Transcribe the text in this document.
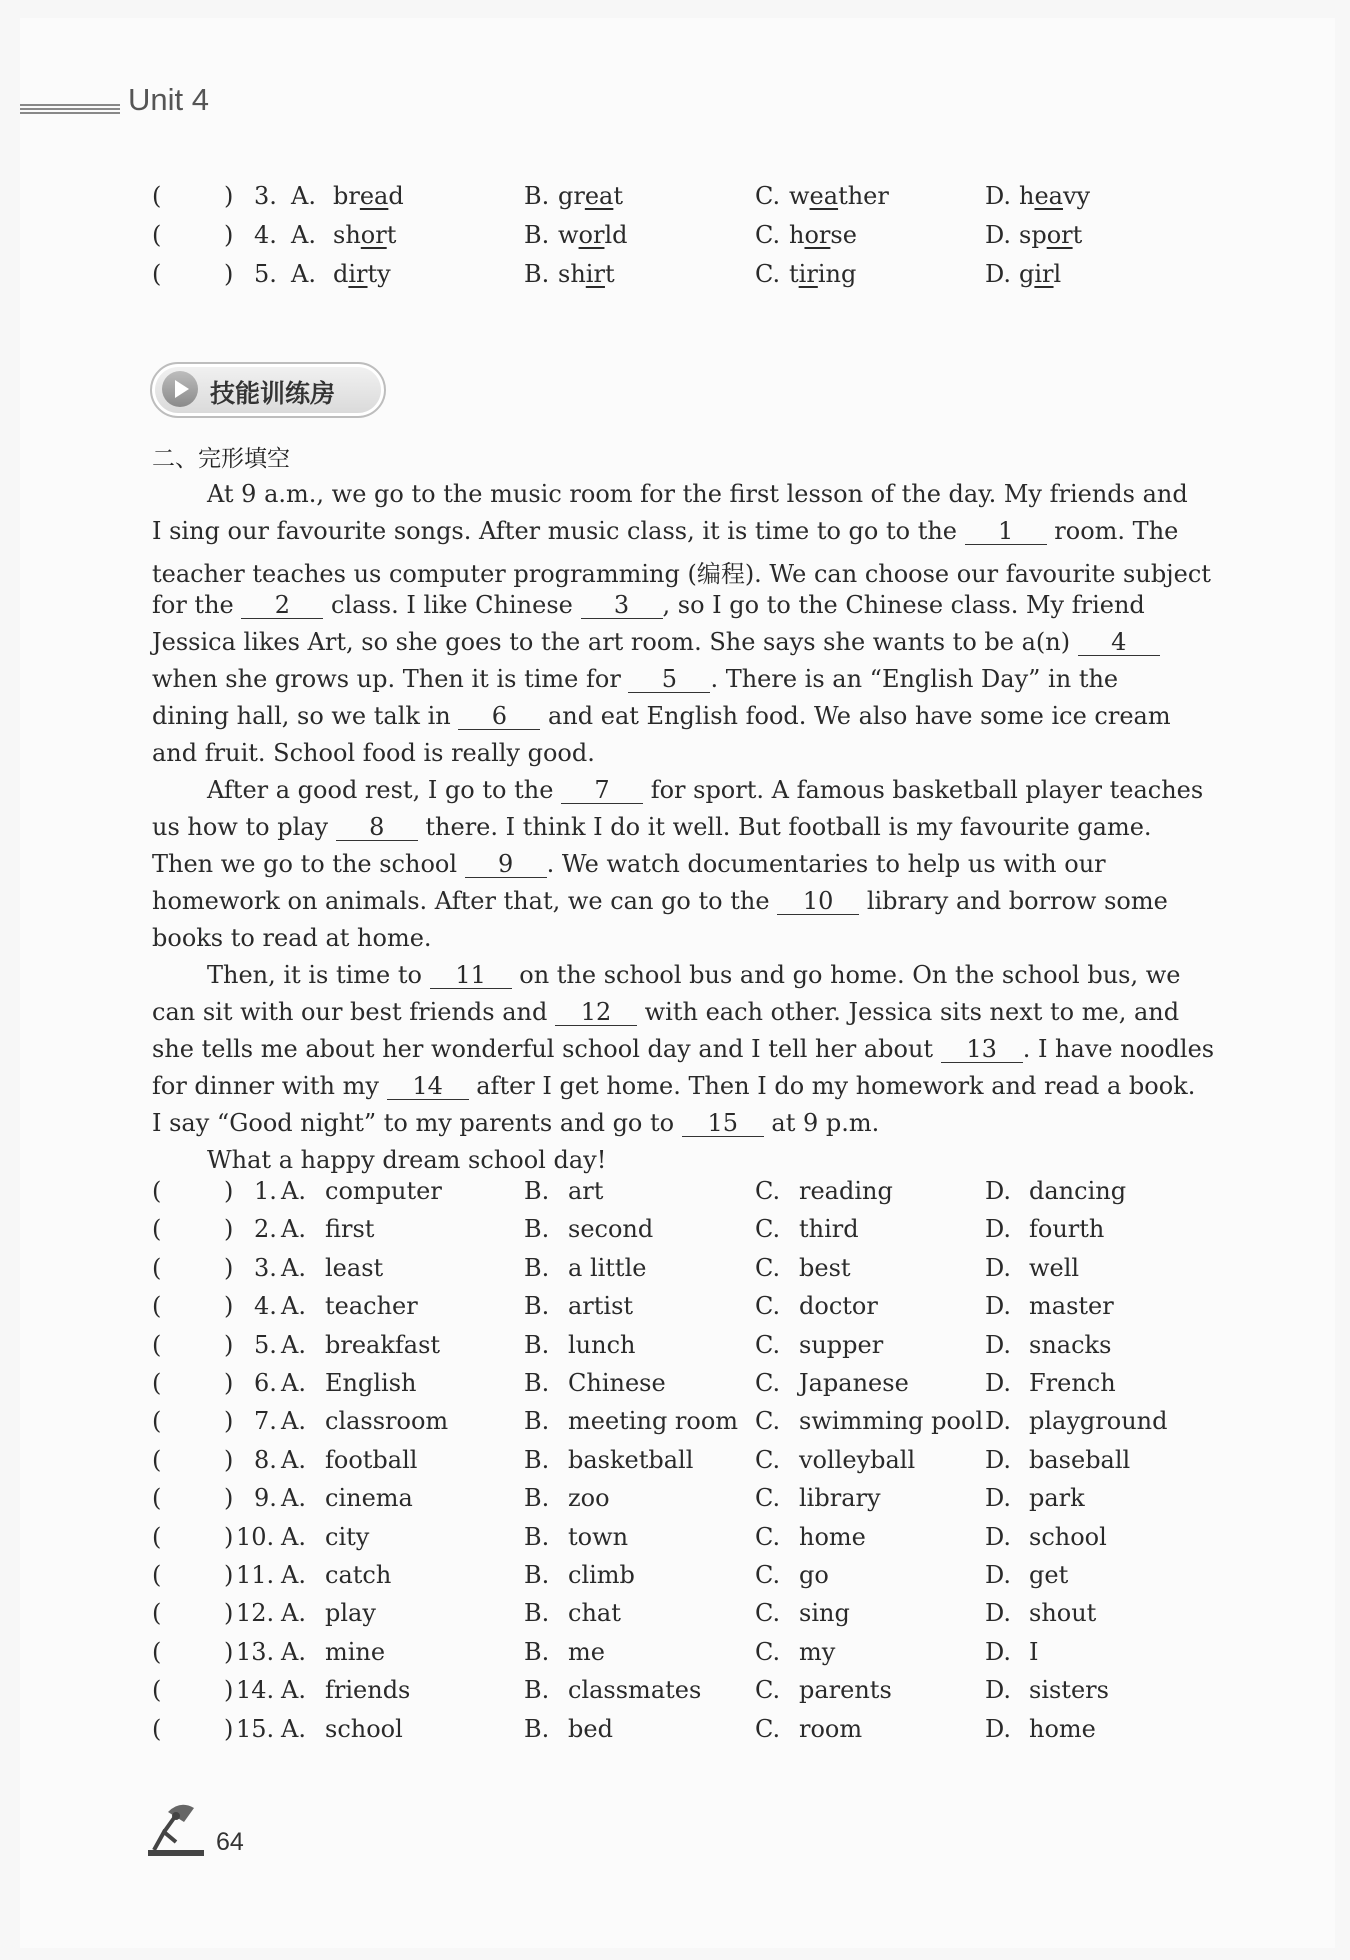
Unit 4
(	) 3. A. bread	B. great	C. weather	D. heavy
(	) 4. A. short	B. world	C. horse	D. sport
(	) 5. A. dirty	B. shirt	C. tiring	D. girl
技能训练房
二、完形填空
At 9 a.m., we go to the music room for the first lesson of the day. My friends and
I sing our favourite songs. After music class, it is time to go to the 1 room. The
teacher teaches us computer programming (编程). We can choose our favourite subject
for the 2 class. I like Chinese 3 , so I go to the Chinese class. My friend
Jessica likes Art, so she goes to the art room. She says she wants to be a(n) 4
when she grows up. Then it is time for 5 . There is an “English Day” in the
dining hall, so we talk in 6 and eat English food. We also have some ice cream
and fruit. School food is really good.
After a good rest, I go to the 7 for sport. A famous basketball player teaches
us how to play 8 there. I think I do it well. But football is my favourite game.
Then we go to the school 9 . We watch documentaries to help us with our
homework on animals. After that, we can go to the 10 library and borrow some
books to read at home.
Then, it is time to 11 on the school bus and go home. On the school bus, we
can sit with our best friends and 12 with each other. Jessica sits next to me, and
she tells me about her wonderful school day and I tell her about 13 . I have noodles
for dinner with my 14 after I get home. Then I do my homework and read a book.
I say “Good night” to my parents and go to 15 at 9 p.m.
What a happy dream school day!
(	) 1. A. computer	B. art	C. reading	D. dancing
(	) 2. A. first	B. second	C. third	D. fourth
(	) 3. A. least	B. a little	C. best	D. well
(	) 4. A. teacher	B. artist	C. doctor	D. master
(	) 5. A. breakfast	B. lunch	C. supper	D. snacks
(	) 6. A. English	B. Chinese	C. Japanese	D. French
(	) 7. A. classroom	B. meeting room C. swimming pool D. playground
(	) 8. A. football	B. basketball	C. volleyball	D. baseball
(	) 9. A. cinema	B. zoo	C. library	D. park
(	) 10. A. city	B. town	C. home	D. school
(	) 11. A. catch	B. climb	C. go	D. get
(	) 12. A. play	B. chat	C. sing	D. shout
(	) 13. A. mine	B. me	C. my	D. I
(	) 14. A. friends	B. classmates C. parents	D. sisters
(	) 15. A. school	B. bed	C. room	D. home
64
